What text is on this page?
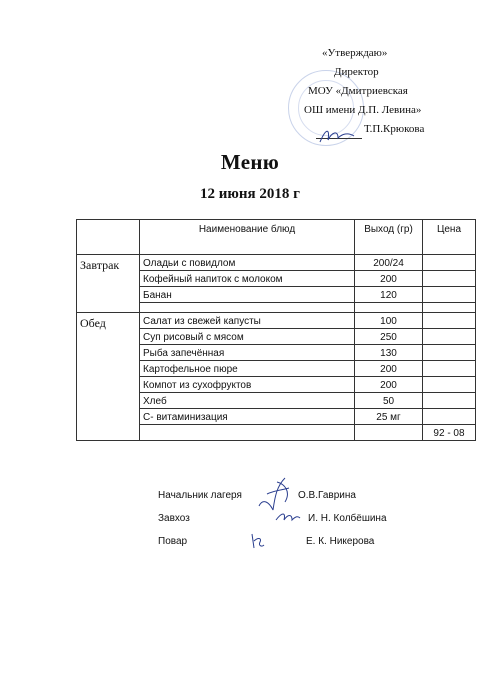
«Утверждаю»
Директор
МОУ «Дмитриевская
ОШ имени Д.П. Левина»
Т.П.Крюкова
Меню
12 июня 2018 г
	Наименование блюд	Выход (гр)	Цена
Завтрак	Оладьи с повидлом	200/24	
	Кофейный напиток с молоком	200	
	Банан	120	

Обед	Салат из свежей капусты	100	
	Суп рисовый с мясом	250	
	Рыба запечённая	130	
	Картофельное пюре	200	
	Компот из сухофруктов	200	
	Хлеб	50	
	С- витаминизация	25 мг	
			92 - 08
Начальник лагеря	О.В.Гаврина
Завхоз	И. Н. Колбёшина
Повар	Е. К. Никерова
